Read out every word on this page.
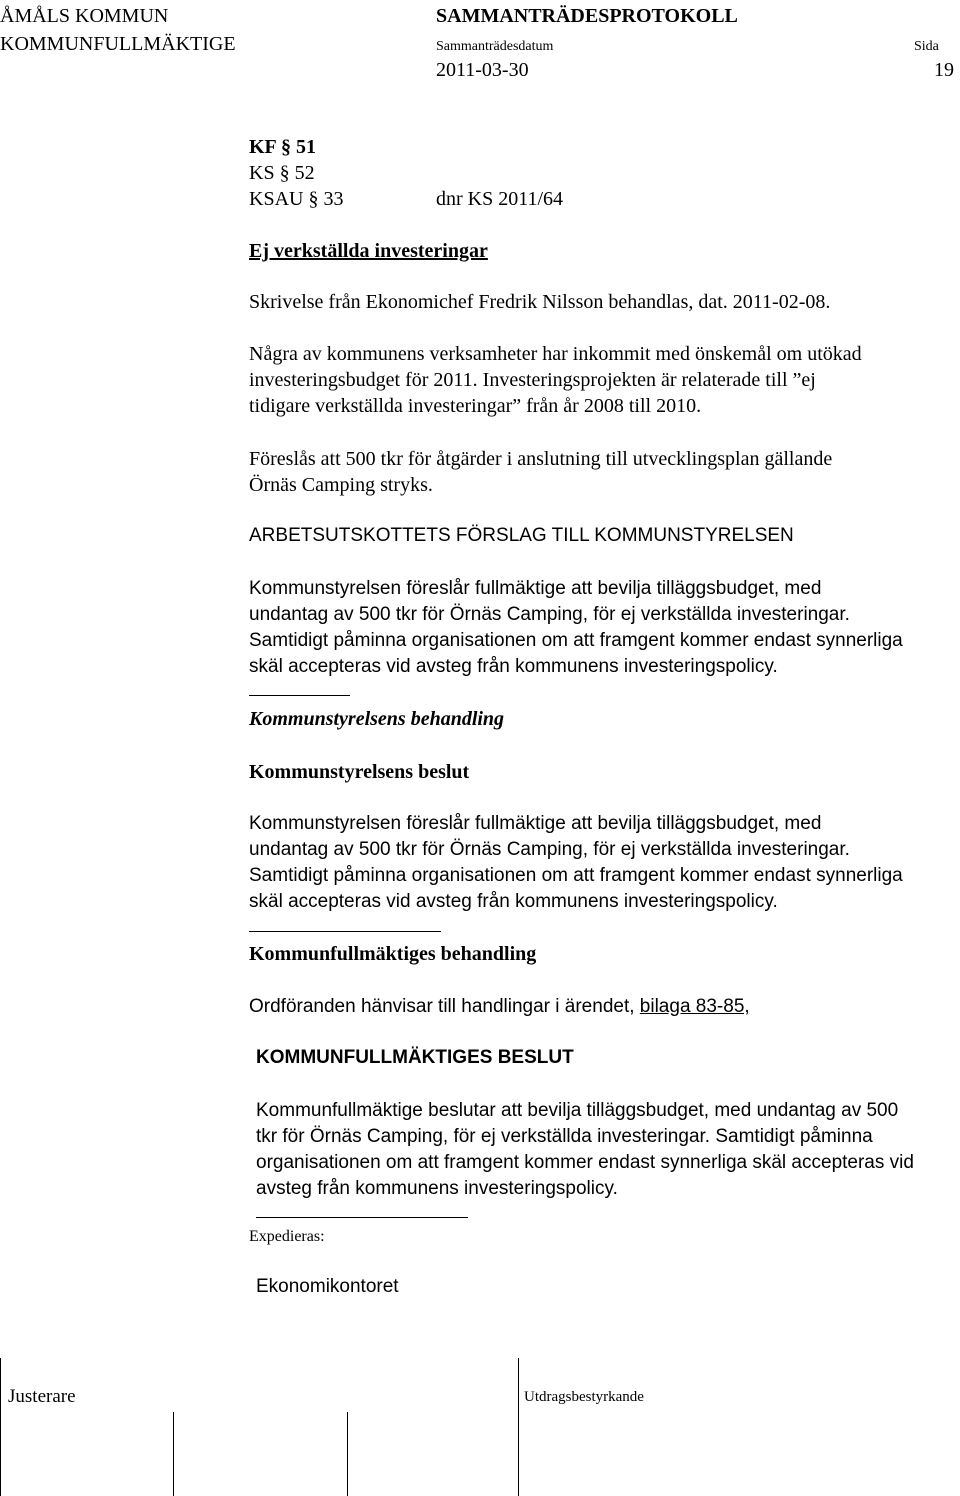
ÅMÅLS KOMMUN
KOMMUNFULLMÄKTIGE
SAMMANTRÄDESPROTOKOLL
Sammanträdesdatum	Sida
2011-03-30	19
KF § 51
KS § 52
KSAU § 33	dnr KS 2011/64
Ej verkställda investeringar
Skrivelse från Ekonomichef Fredrik Nilsson behandlas, dat. 2011-02-08.
Några av kommunens verksamheter har inkommit med önskemål om utökad
investeringsbudget för 2011. Investeringsprojekten är relaterade till ”ej
tidigare verkställda investeringar” från år 2008 till 2010.
Föreslås att 500 tkr för åtgärder i anslutning till utvecklingsplan gällande
Örnäs Camping stryks.
ARBETSUTSKOTTETS FÖRSLAG TILL KOMMUNSTYRELSEN
Kommunstyrelsen föreslår fullmäktige att bevilja tilläggsbudget, med
undantag av 500 tkr för Örnäs Camping, för ej verkställda investeringar.
Samtidigt påminna organisationen om att framgent kommer endast synnerliga
skäl accepteras vid avsteg från kommunens investeringspolicy.
Kommunstyrelsens behandling
Kommunstyrelsens beslut
Kommunstyrelsen föreslår fullmäktige att bevilja tilläggsbudget, med
undantag av 500 tkr för Örnäs Camping, för ej verkställda investeringar.
Samtidigt påminna organisationen om att framgent kommer endast synnerliga
skäl accepteras vid avsteg från kommunens investeringspolicy.
Kommunfullmäktiges behandling
Ordföranden hänvisar till handlingar i ärendet, bilaga 83-85,
KOMMUNFULLMÄKTIGES BESLUT
Kommunfullmäktige beslutar att bevilja tilläggsbudget, med undantag av 500
tkr för Örnäs Camping, för ej verkställda investeringar. Samtidigt påminna
organisationen om att framgent kommer endast synnerliga skäl accepteras vid
avsteg från kommunens investeringspolicy.
Expedieras:
Ekonomikontoret
Justerare	Utdragsbestyrkande
